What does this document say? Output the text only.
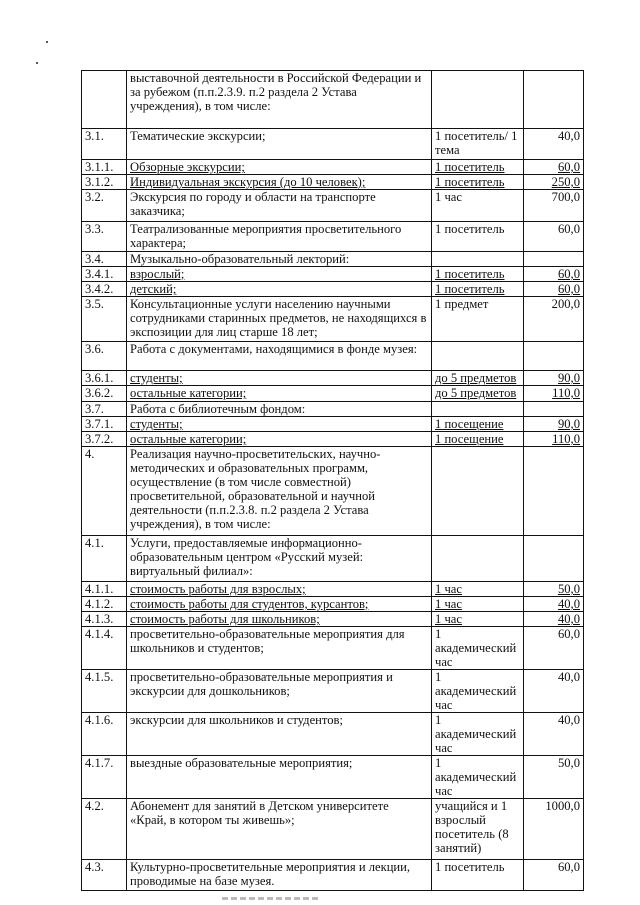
	выставочной деятельности в Российской Федерации и за рубежом (п.п.2.3.9. п.2 раздела 2 Устава учреждения), в том числе:		
3.1.	Тематические экскурсии;	1 посетитель/ 1 тема	40,0
3.1.1.	Обзорные экскурсии;	1 посетитель	60,0
3.1.2.	Индивидуальная экскурсия (до 10 человек);	1 посетитель	250,0
3.2.	Экскурсия по городу и области на транспорте заказчика;	1 час	700,0
3.3.	Театрализованные мероприятия просветительного характера;	1 посетитель	60,0
3.4.	Музыкально-образовательный лекторий:		
3.4.1.	взрослый;	1 посетитель	60,0
3.4.2.	детский;	1 посетитель	60,0
3.5.	Консультационные услуги населению научными сотрудниками старинных предметов, не находящихся в экспозиции для лиц старше 18 лет;	1 предмет	200,0
3.6.	Работа с документами, находящимися в фонде музея:		
3.6.1.	студенты;	до 5 предметов	90,0
3.6.2.	остальные категории;	до 5 предметов	110,0
3.7.	Работа с библиотечным фондом:		
3.7.1.	студенты;	1 посещение	90,0
3.7.2.	остальные категории;	1 посещение	110,0
4.	Реализация научно-просветительских, научно-методических и образовательных программ, осуществление (в том числе совместной) просветительной, образовательной и научной деятельности (п.п.2.3.8. п.2 раздела 2 Устава учреждения), в том числе:		
4.1.	Услуги, предоставляемые информационно-образовательным центром «Русский музей: виртуальный филиал»:		
4.1.1.	стоимость работы для взрослых;	1 час	50,0
4.1.2.	стоимость работы для студентов, курсантов;	1 час	40,0
4.1.3.	стоимость работы для школьников;	1 час	40,0
4.1.4.	просветительно-образовательные мероприятия для школьников и студентов;	1 академический час	60,0
4.1.5.	просветительно-образовательные мероприятия и экскурсии для дошкольников;	1 академический час	40,0
4.1.6.	экскурсии для школьников и студентов;	1 академический час	40,0
4.1.7.	выездные образовательные мероприятия;	1 академический час	50,0
4.2.	Абонемент для занятий в Детском университете «Край, в котором ты живешь»;	учащийся и 1 взрослый посетитель (8 занятий)	1000,0
4.3.	Культурно-просветительные мероприятия и лекции, проводимые на базе музея.	1 посетитель	60,0
